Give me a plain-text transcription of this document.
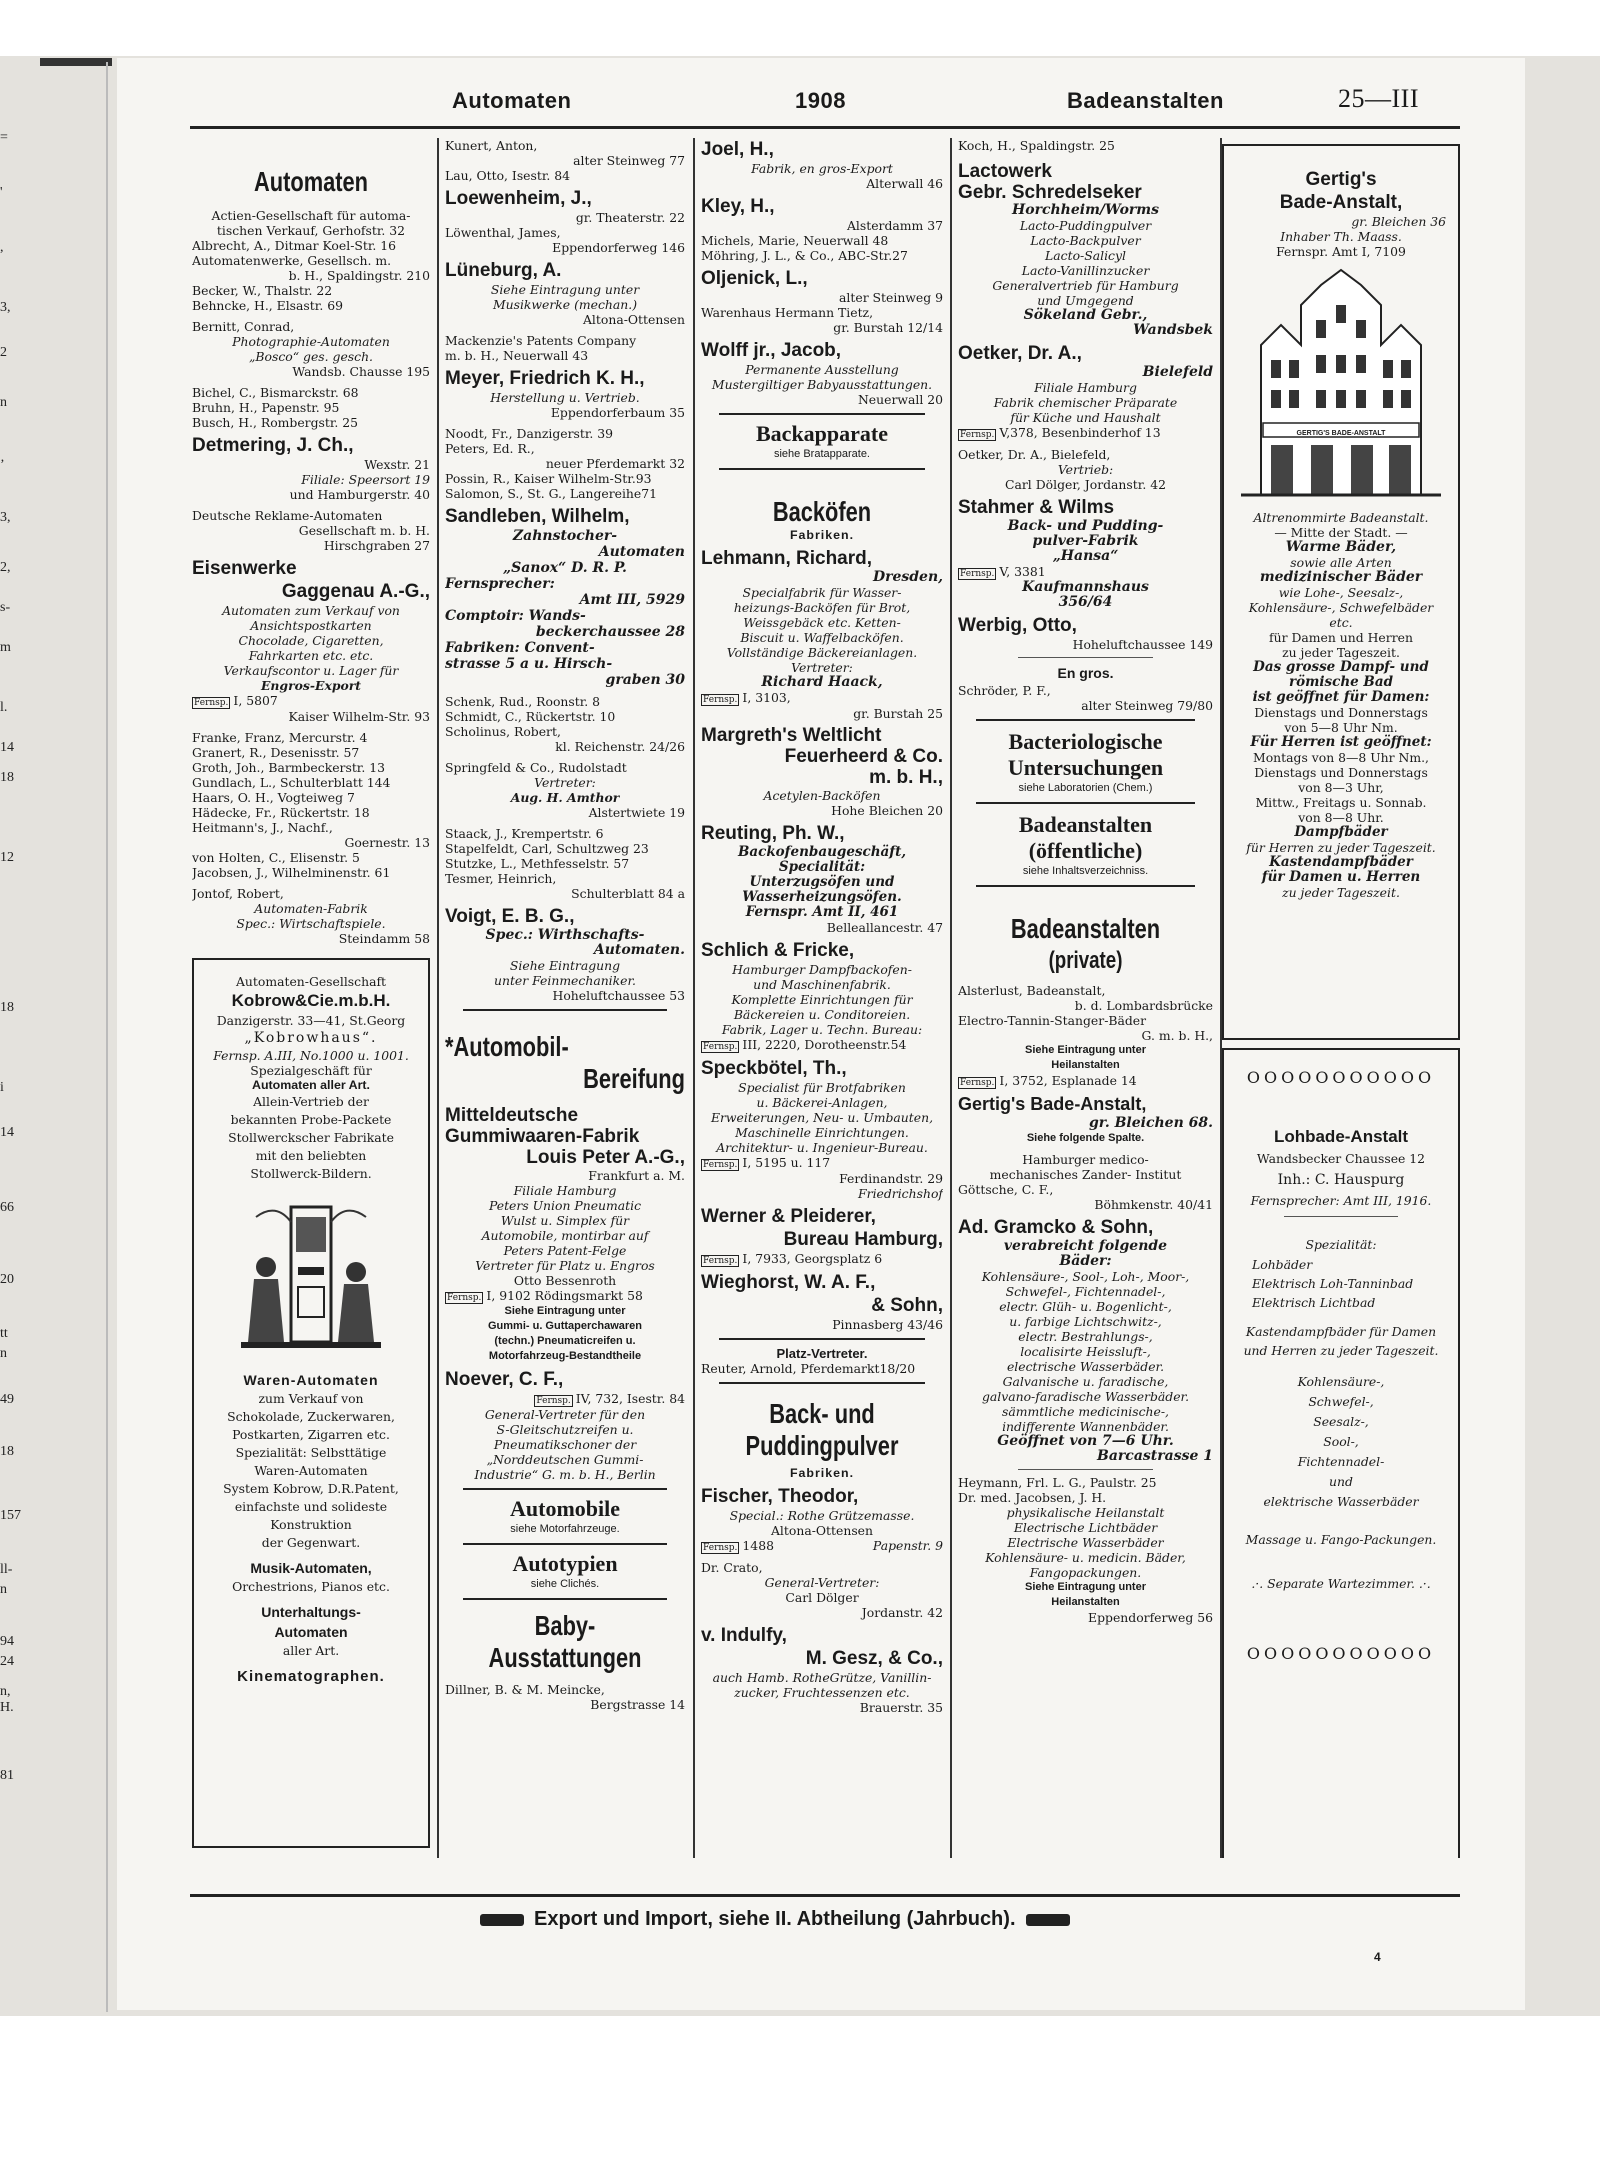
=
'
,
3,
2
n
‚
3,
2,
s-
m
l.
14
18
12
18
i
14
66
20
tt
n
49
18
157
ll-
n
94
24
n,
H.
81
Automaten	1908	Badeanstalten	25—III
Automaten
Actien-Gesellschaft für automa-
tischen Verkauf, Gerhofstr. 32
Albrecht, A., Ditmar Koel-Str. 16
Automatenwerke, Gesellsch. m.
b. H., Spaldingstr. 210
Becker, W., Thalstr. 22
Behncke, H., Elsastr. 69
Bernitt, Conrad,
Photographie-Automaten
„Bosco“ ges. gesch.
Wandsb. Chausse 195
Bichel, C., Bismarckstr. 68
Bruhn, H., Papenstr. 95
Busch, H., Rombergstr. 25
Detmering, J. Ch.,
Wexstr. 21
Filiale: Speersort 19
und Hamburgerstr. 40
Deutsche Reklame-Automaten
Gesellschaft m. b. H.
Hirschgraben 27
Eisenwerke
Gaggenau A.-G.,
Automaten zum Verkauf von
Ansichtspostkarten
Chocolade, Cigaretten,
Fahrkarten etc. etc.
Verkaufscontor u. Lager für
Engros-Export
Fernsp. I, 5807
Kaiser Wilhelm-Str. 93
Franke, Franz, Mercurstr. 4
Granert, R., Desenisstr. 57
Groth, Joh., Barmbeckerstr. 13
Gundlach, L., Schulterblatt 144
Haars, O. H., Vogteiweg 7
Hädecke, Fr., Rückertstr. 18
Heitmann's, J., Nachf.,
Goernestr. 13
von Holten, C., Elisenstr. 5
Jacobsen, J., Wilhelminenstr. 61
Jontof, Robert,
Automaten-Fabrik
Spec.: Wirtschaftspiele.
Steindamm 58
Automaten-Gesellschaft
Kobrow&Cie.m.b.H.
Danzigerstr. 33—41, St.Georg
„Kobrowhaus“.
Fernsp. A.III, No.1000 u. 1001.
Spezialgeschäft für
Automaten aller Art.
Allein-Vertrieb der
bekannten Probe-Packete
Stollwerckscher Fabrikate
mit den beliebten
Stollwerck-Bildern.
Waren-Automaten
zum Verkauf von
Schokolade, Zuckerwaren,
Postkarten, Zigarren etc.
Spezialität: Selbsttätige
Waren-Automaten
System Kobrow, D.R.Patent,
einfachste und solideste
Konstruktion
der Gegenwart.
Musik-Automaten,
Orchestrions, Pianos etc.
Unterhaltungs-
Automaten
aller Art.
Kinematographen.
Kunert, Anton,
alter Steinweg 77
Lau, Otto, Isestr. 84
Loewenheim, J.,
gr. Theaterstr. 22
Löwenthal, James,
Eppendorferweg 146
Lüneburg, A.
Siehe Eintragung unter
Musikwerke (mechan.)
Altona-Ottensen
Mackenzie's Patents Company
m. b. H., Neuerwall 43
Meyer, Friedrich K. H.,
Herstellung u. Vertrieb.
Eppendorferbaum 35
Noodt, Fr., Danzigerstr. 39
Peters, Ed. R.,
neuer Pferdemarkt 32
Possin, R., Kaiser Wilhelm-Str.93
Salomon, S., St. G., Langereihe71
Sandleben, Wilhelm,
Zahnstocher-
Automaten
„Sanox“ D. R. P.
Fernsprecher:
Amt III, 5929
Comptoir: Wands-
beckerchaussee 28
Fabriken: Convent-
strasse 5 a u. Hirsch-
graben 30
Schenk, Rud., Roonstr. 8
Schmidt, C., Rückertstr. 10
Scholinus, Robert,
kl. Reichenstr. 24/26
Springfeld & Co., Rudolstadt
Vertreter:
Aug. H. Amthor
Alstertwiete 19
Staack, J., Krempertstr. 6
Stapelfeldt, Carl, Schultzweg 23
Stutzke, L., Methfesselstr. 57
Tesmer, Heinrich,
Schulterblatt 84 a
Voigt, E. B. G.,
Spec.: Wirthschafts-
Automaten.
Siehe Eintragung
unter Feinmechaniker.
Hoheluftchaussee 53
*Automobil-
Bereifung
Mitteldeutsche
Gummiwaaren-Fabrik
Louis Peter A.-G.,
Frankfurt a. M.
Filiale Hamburg
Peters Union Pneumatic
Wulst u. Simplex für
Automobile, montirbar auf
Peters Patent-Felge
Vertreter für Platz u. Engros
Otto Bessenroth
Fernsp. I, 9102 Rödingsmarkt 58
Siehe Eintragung unter
Gummi- u. Guttaperchawaren
(techn.) Pneumaticreifen u.
Motorfahrzeug-Bestandtheile
Noever, C. F.,
Fernsp. IV, 732, Isestr. 84
General-Vertreter für den
S-Gleitschutzreifen u.
Pneumatikschoner der
„Norddeutschen Gummi-
Industrie“ G. m. b. H., Berlin
Automobile
siehe Motorfahrzeuge.
Autotypien
siehe Clichés.
Baby-
Ausstattungen
Dillner, B. & M. Meincke,
Bergstrasse 14
Joel, H.,
Fabrik, en gros-Export
Alterwall 46
Kley, H.,
Alsterdamm 37
Michels, Marie, Neuerwall 48
Möhring, J. L., & Co., ABC-Str.27
Oljenick, L.,
alter Steinweg 9
Warenhaus Hermann Tietz,
gr. Burstah 12/14
Wolff jr., Jacob,
Permanente Ausstellung
Mustergiltiger Babyausstattungen.
Neuerwall 20
Backapparate
siehe Bratapparate.
Backöfen
Fabriken.
Lehmann, Richard,
Dresden,
Specialfabrik für Wasser-
heizungs-Backöfen für Brot,
Weissgebäck etc. Ketten-
Biscuit u. Waffelbacköfen.
Vollständige Bäckereianlagen.
Vertreter:
Richard Haack,
Fernsp. I, 3103,
gr. Burstah 25
Margreth's Weltlicht
Feuerheerd & Co.
m. b. H.,
Acetylen-Backöfen
Hohe Bleichen 20
Reuting, Ph. W.,
Backofenbaugeschäft,
Specialität:
Unterzugsöfen und
Wasserheizungsöfen.
Fernspr. Amt II, 461
Belleallancestr. 47
Schlich & Fricke,
Hamburger Dampfbackofen-
und Maschinenfabrik.
Komplette Einrichtungen für
Bäckereien u. Conditoreien.
Fabrik, Lager u. Techn. Bureau:
Fernsp. III, 2220, Dorotheenstr.54
Speckbötel, Th.,
Specialist für Brotfabriken
u. Bäckerei-Anlagen,
Erweiterungen, Neu- u. Umbauten,
Maschinelle Einrichtungen.
Architektur- u. Ingenieur-Bureau.
Fernsp. I, 5195 u. 117
Ferdinandstr. 29
Friedrichshof
Werner & Pleiderer,
Bureau Hamburg,
Fernsp. I, 7933, Georgsplatz 6
Wieghorst, W. A. F.,
& Sohn,
Pinnasberg 43/46
Platz-Vertreter.
Reuter, Arnold, Pferdemarkt18/20
Back- und
Puddingpulver
Fabriken.
Fischer, Theodor,
Special.: Rothe Grützemasse.
Altona-Ottensen
Fernsp. 1488	Papenstr. 9
Dr. Crato,
General-Vertreter:
Carl Dölger
Jordanstr. 42
v. Indulfy,
M. Gesz, & Co.,
auch Hamb. RotheGrütze, Vanillin-
zucker, Fruchtessenzen etc.
Brauerstr. 35
Koch, H., Spaldingstr. 25
Lactowerk
Gebr. Schredelseker
Horchheim/Worms
Lacto-Puddingpulver
Lacto-Backpulver
Lacto-Salicyl
Lacto-Vanillinzucker
Generalvertrieb für Hamburg
und Umgegend
Sökeland Gebr.,
Wandsbek
Oetker, Dr. A.,
Bielefeld
Filiale Hamburg
Fabrik chemischer Präparate
für Küche und Haushalt
Fernsp. V,378, Besenbinderhof 13
Oetker, Dr. A., Bielefeld,
Vertrieb:
Carl Dölger, Jordanstr. 42
Stahmer & Wilms
Back- und Pudding-
pulver-Fabrik
„Hansa“
Fernsp. V, 3381
Kaufmannshaus
356/64
Werbig, Otto,
Hoheluftchaussee 149
En gros.
Schröder, P. F.,
alter Steinweg 79/80
Bacteriologische
Untersuchungen
siehe Laboratorien (Chem.)
Badeanstalten
(öffentliche)
siehe Inhaltsverzeichniss.
Badeanstalten
(private)
Alsterlust, Badeanstalt,
b. d. Lombardsbrücke
Electro-Tannin-Stanger-Bäder
G. m. b. H.,
Siehe Eintragung unter
Heilanstalten
Fernsp. I, 3752, Esplanade 14
Gertig's Bade-Anstalt,
gr. Bleichen 68.
Siehe folgende Spalte.
Hamburger medico-
mechanisches Zander- Institut
Göttsche, C. F.,
Böhmkenstr. 40/41
Ad. Gramcko & Sohn,
verabreicht folgende
Bäder:
Kohlensäure-, Sool-, Loh-, Moor-,
Schwefel-, Fichtennadel-,
electr. Glüh- u. Bogenlicht-,
u. farbige Lichtschwitz-,
electr. Bestrahlungs-,
localisirte Heissluft-,
electrische Wasserbäder.
Galvanische u. faradische,
galvano-faradische Wasserbäder.
sämmtliche medicinische-,
indifferente Wannenbäder.
Geöffnet von 7—6 Uhr.
Barcastrasse 1
Heymann, Frl. L. G., Paulstr. 25
Dr. med. Jacobsen, J. H.
physikalische Heilanstalt
Electrische Lichtbäder
Electrische Wasserbäder
Kohlensäure- u. medicin. Bäder,
Fangopackungen.
Siehe Eintragung unter
Heilanstalten
Eppendorferweg 56
Gertig's
Bade-Anstalt,
gr. Bleichen 36
Inhaber Th. Maass.
Fernspr. Amt I, 7109
Altrenommirte Badeanstalt.
— Mitte der Stadt. —
Warme Bäder,
sowie alle Arten
medizinischer Bäder
wie Lohe-, Seesalz-,
Kohlensäure-, Schwefelbäder
etc.
für Damen und Herren
zu jeder Tageszeit.
Das grosse Dampf- und
römische Bad
ist geöffnet für Damen:
Dienstags und Donnerstags
von 5—8 Uhr Nm.
Für Herren ist geöffnet:
Montags von 8—8 Uhr Nm.,
Dienstags und Donnerstags
von 8—3 Uhr,
Mittw., Freitags u. Sonnab.
von 8—8 Uhr.
Dampfbäder
für Herren zu jeder Tageszeit.
Kastendampfbäder
für Damen u. Herren
zu jeder Tageszeit.
OOOOOOOOOOO
Lohbade-Anstalt
Wandsbecker Chaussee 12
Inh.: C. Hauspurg
Fernsprecher: Amt III, 1916.
Spezialität:
Lohbäder
Elektrisch Loh-Tanninbad
Elektrisch Lichtbad
Kastendampfbäder für Damen
und Herren zu jeder Tageszeit.
Kohlensäure-,
Schwefel-,
Seesalz-,
Sool-,
Fichtennadel-
und
elektrische Wasserbäder
Massage u. Fango-Packungen.
.·. Separate Wartezimmer. .·.
OOOOOOOOOOO
Export und Import, siehe II. Abtheilung (Jahrbuch).
4
